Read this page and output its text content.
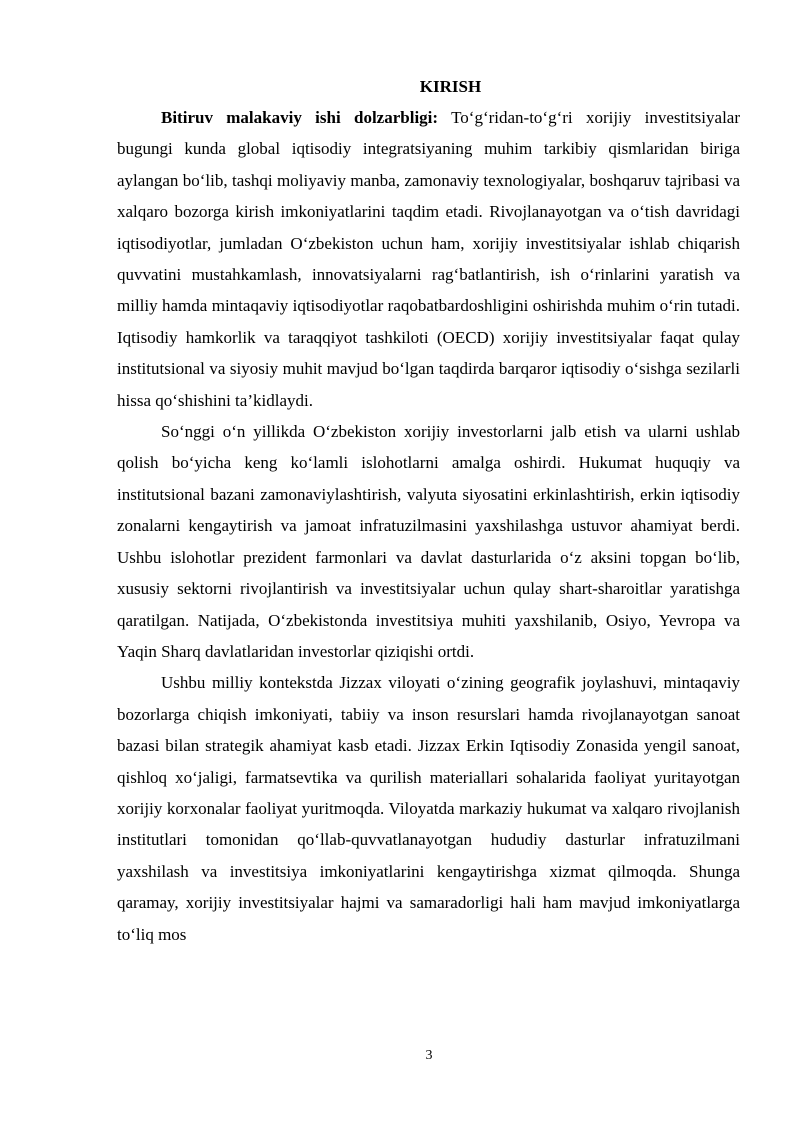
KIRISH

Bitiruv malakaviy ishi dolzarbligi: To‘g‘ridan-to‘g‘ri xorijiy investitsiyalar bugungi kunda global iqtisodiy integratsiyaning muhim tarkibiy qismlaridan biriga aylangan bo‘lib, tashqi moliyaviy manba, zamonaviy texnologiyalar, boshqaruv tajribasi va xalqaro bozorga kirish imkoniyatlarini taqdim etadi. Rivojlanayotgan va o‘tish davridagi iqtisodiyotlar, jumladan O‘zbekiston uchun ham, xorijiy investitsiyalar ishlab chiqarish quvvatini mustahkamlash, innovatsiyalarni rag‘batlantirish, ish o‘rinlarini yaratish va milliy hamda mintaqaviy iqtisodiyotlar raqobatbardoshligini oshirishda muhim o‘rin tutadi. Iqtisodiy hamkorlik va taraqqiyot tashkiloti (OECD) xorijiy investitsiyalar faqat qulay institutsional va siyosiy muhit mavjud bo‘lgan taqdirda barqaror iqtisodiy o‘sishga sezilarli hissa qo‘shishini ta’kidlaydi.

So‘nggi o‘n yillikda O‘zbekiston xorijiy investorlarni jalb etish va ularni ushlab qolish bo‘yicha keng ko‘lamli islohotlarni amalga oshirdi. Hukumat huquqiy va institutsional bazani zamonaviylashtirish, valyuta siyosatini erkinlashtirish, erkin iqtisodiy zonalarni kengaytirish va jamoat infratuzilmasini yaxshilashga ustuvor ahamiyat berdi. Ushbu islohotlar prezident farmonlari va davlat dasturlarida o‘z aksini topgan bo‘lib, xususiy sektorni rivojlantirish va investitsiyalar uchun qulay shart-sharoitlar yaratishga qaratilgan. Natijada, O‘zbekistonda investitsiya muhiti yaxshilanib, Osiyo, Yevropa va Yaqin Sharq davlatlaridan investorlar qiziqishi ortdi.

Ushbu milliy kontekstda Jizzax viloyati o‘zining geografik joylashuvi, mintaqaviy bozorlarga chiqish imkoniyati, tabiiy va inson resurslari hamda rivojlanayotgan sanoat bazasi bilan strategik ahamiyat kasb etadi. Jizzax Erkin Iqtisodiy Zonasida yengil sanoat, qishloq xo‘jaligi, farmatsevtika va qurilish materiallari sohalarida faoliyat yuritayotgan xorijiy korxonalar faoliyat yuritmoqda. Viloyatda markaziy hukumat va xalqaro rivojlanish institutlari tomonidan qo‘llab-quvvatlanayotgan hududiy dasturlar infratuzilmani yaxshilash va investitsiya imkoniyatlarini kengaytirishga xizmat qilmoqda. Shunga qaramay, xorijiy investitsiyalar hajmi va samaradorligi hali ham mavjud imkoniyatlarga to‘liq mos

3
